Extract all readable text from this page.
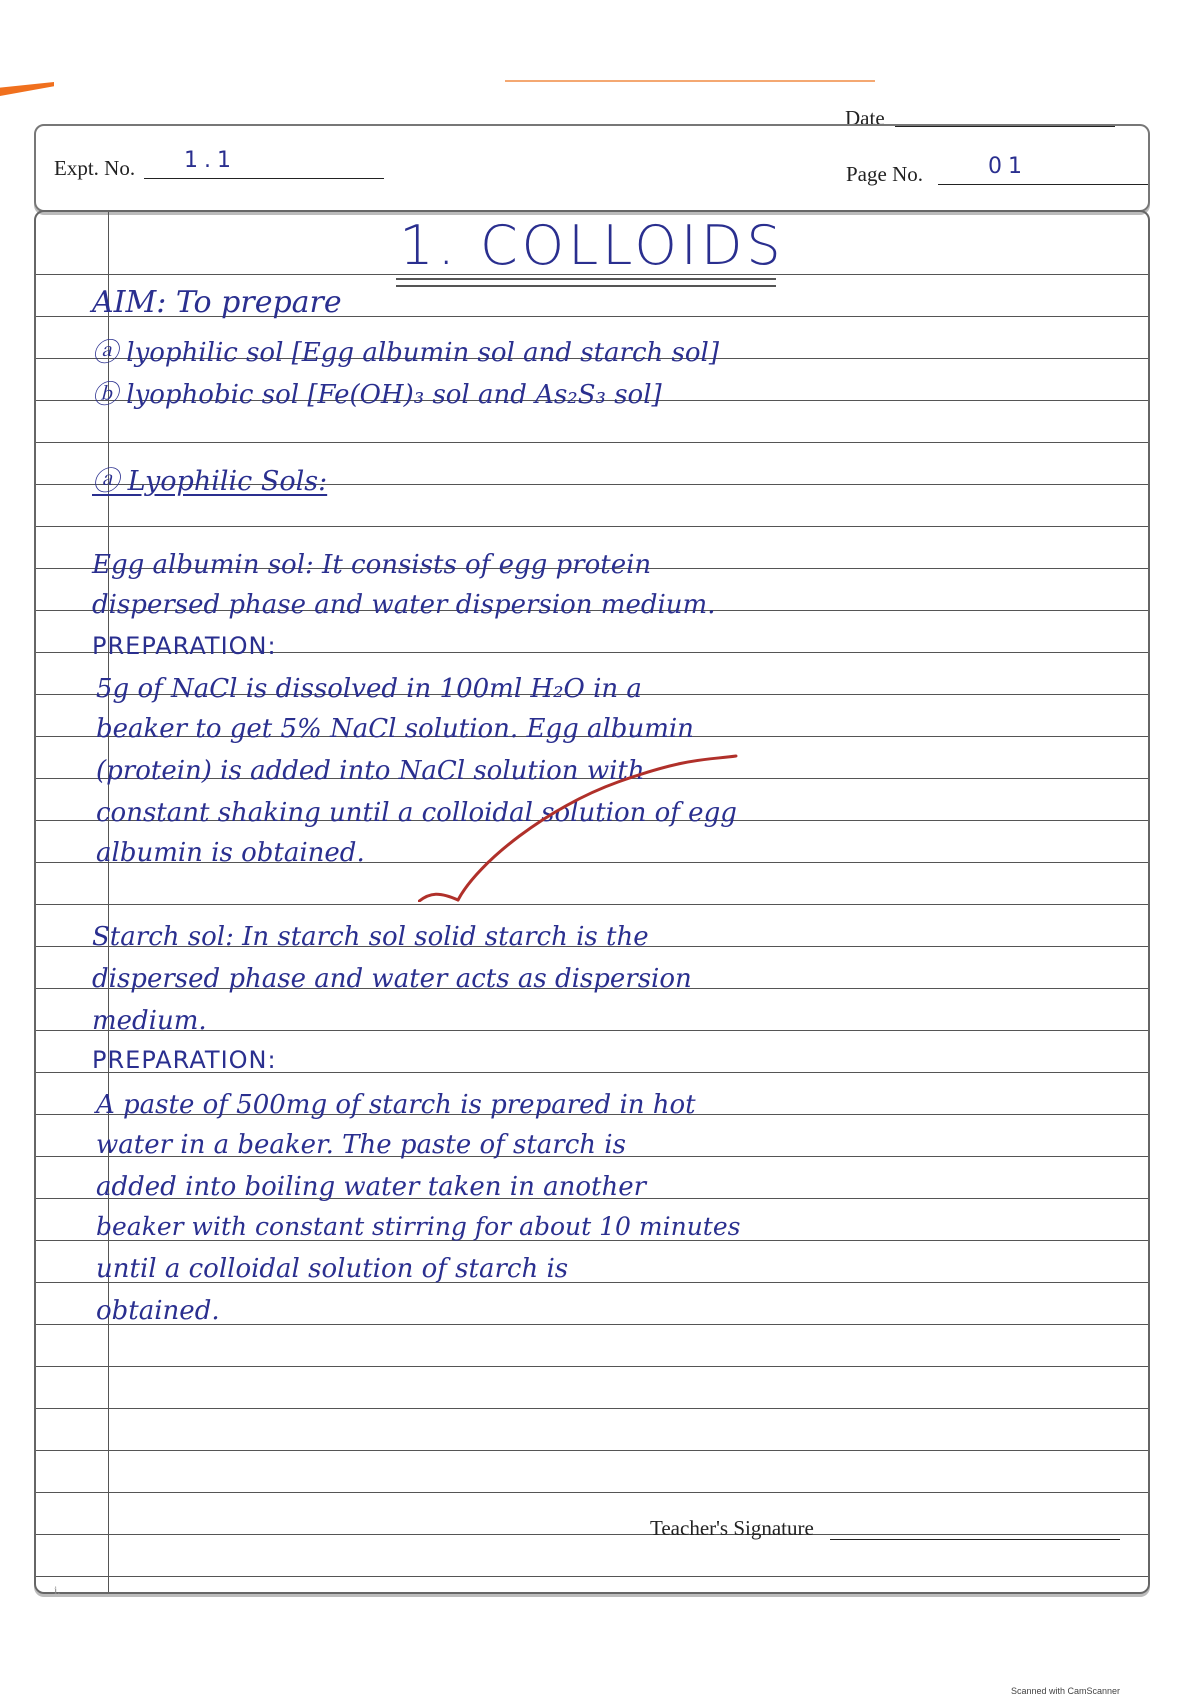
Date
Expt. No. 1.1
Page No.	01
1. COLLOIDS
AIM: To prepare
ⓐ lyophilic sol [Egg albumin sol and starch sol]
ⓑ lyophobic sol [Fe(OH)₃ sol and As₂S₃ sol]
ⓐ Lyophilic Sols:
Egg albumin sol: It consists of egg protein
dispersed phase and water dispersion medium.
PREPARATION:
5g of NaCl is dissolved in 100ml H₂O in a
beaker to get 5% NaCl solution. Egg albumin
(protein) is added into NaCl solution with
constant shaking until a colloidal solution of egg
albumin is obtained.
Starch sol: In starch sol solid starch is the
dispersed phase and water acts as dispersion
medium.
PREPARATION:
A paste of 500mg of starch is prepared in hot
water in a beaker. The paste of starch is
added into boiling water taken in another
beaker with constant stirring for about 10 minutes
until a colloidal solution of starch is
obtained.
Teacher's Signature
i.
Scanned with CamScanner
